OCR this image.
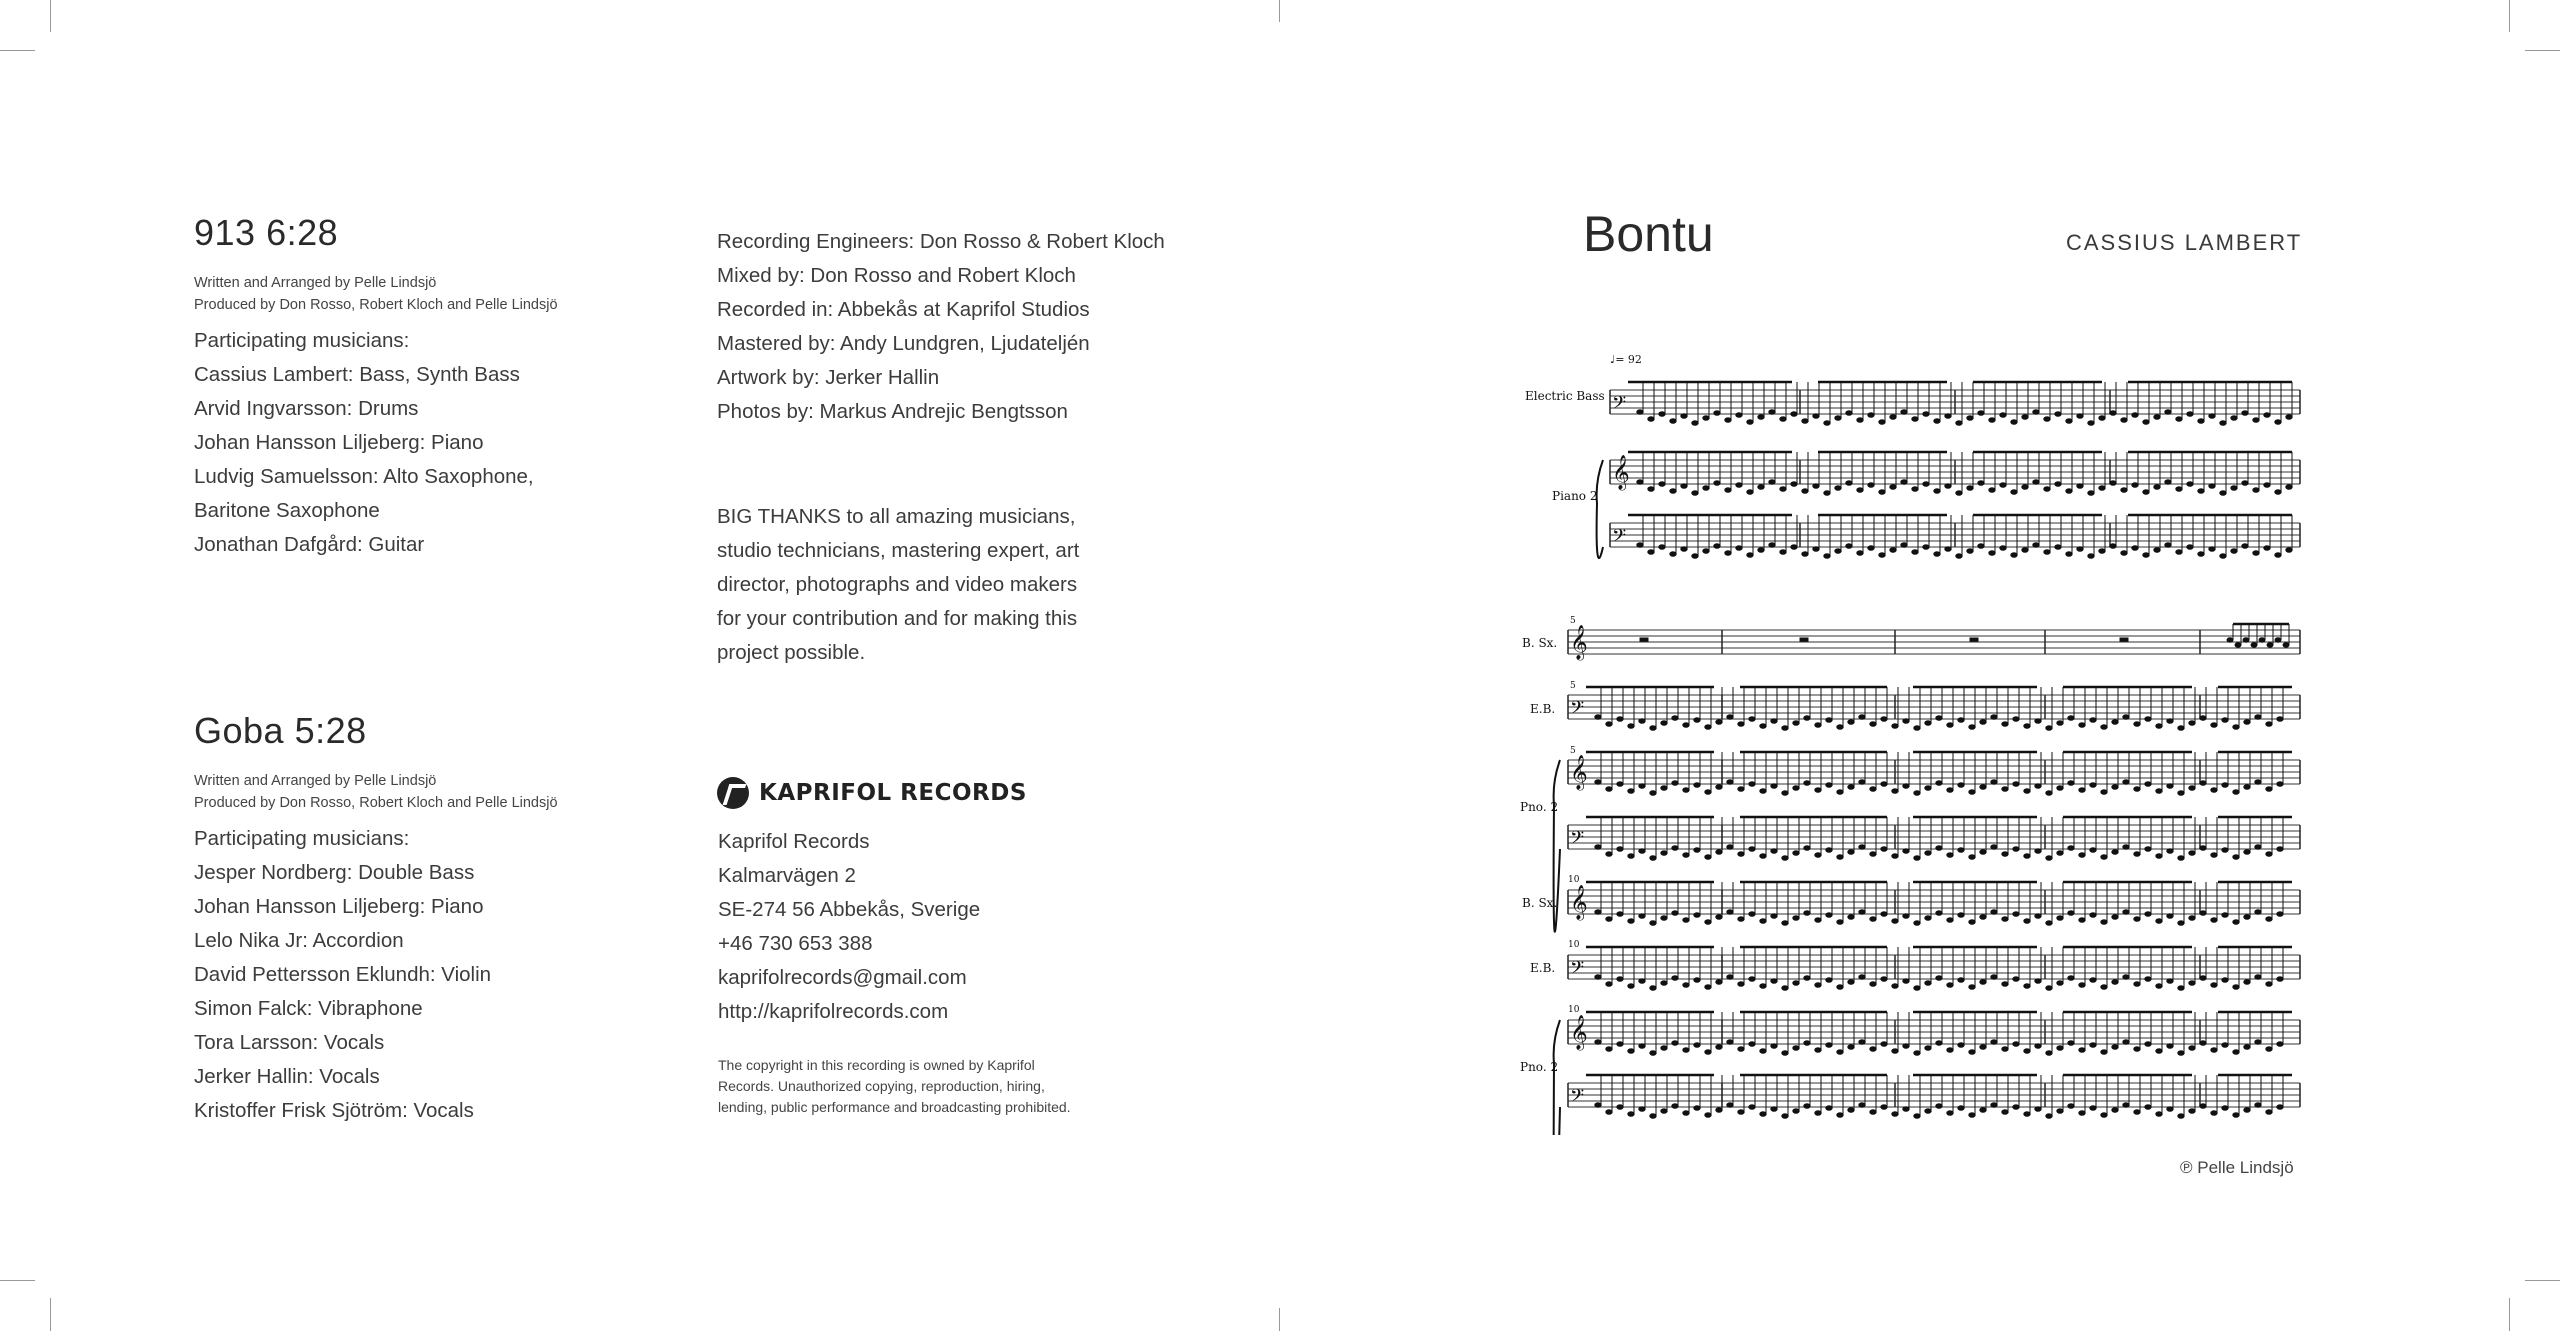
913 6:28
Written and Arranged by Pelle Lindsjö
Produced by Don Rosso, Robert Kloch and Pelle Lindsjö
Participating musicians:
Cassius Lambert: Bass, Synth Bass
Arvid Ingvarsson: Drums
Johan Hansson Liljeberg: Piano
Ludvig Samuelsson: Alto Saxophone,
Baritone Saxophone
Jonathan Dafgård: Guitar
Goba 5:28
Written and Arranged by Pelle Lindsjö
Produced by Don Rosso, Robert Kloch and Pelle Lindsjö
Participating musicians:
Jesper Nordberg: Double Bass
Johan Hansson Liljeberg: Piano
Lelo Nika Jr: Accordion
David Pettersson Eklundh: Violin
Simon Falck: Vibraphone
Tora Larsson: Vocals
Jerker Hallin: Vocals
Kristoffer Frisk Sjötröm: Vocals
Recording Engineers: Don Rosso & Robert Kloch
Mixed by: Don Rosso and Robert Kloch
Recorded in: Abbekås at Kaprifol Studios
Mastered by: Andy Lundgren, Ljudateljén
Artwork by: Jerker Hallin
Photos by: Markus Andrejic Bengtsson
BIG THANKS to all amazing musicians,
studio technicians, mastering expert, art
director, photographs and video makers
for your contribution and for making this
project possible.
KAPRIFOL RECORDS
Kaprifol Records
Kalmarvägen 2
SE-274 56 Abbekås, Sverige
+46 730 653 388
kaprifolrecords@gmail.com
http://kaprifolrecords.com
The copyright in this recording is owned by Kaprifol
Records. Unauthorized copying, reproduction, hiring,
lending, public performance and broadcasting prohibited.
Bontu	CASSIUS LAMBERT
𝄢
𝄞
𝄢
𝄞
𝄢
𝄞
𝄢
𝄞
𝄢
𝄞
𝄢
♩= 92
Electric Bass
Piano 2
B. Sx.
E.B.
Pno. 2
B. Sx.
E.B.
Pno. 2
5
5
5
10
10
10
℗ Pelle Lindsjö
